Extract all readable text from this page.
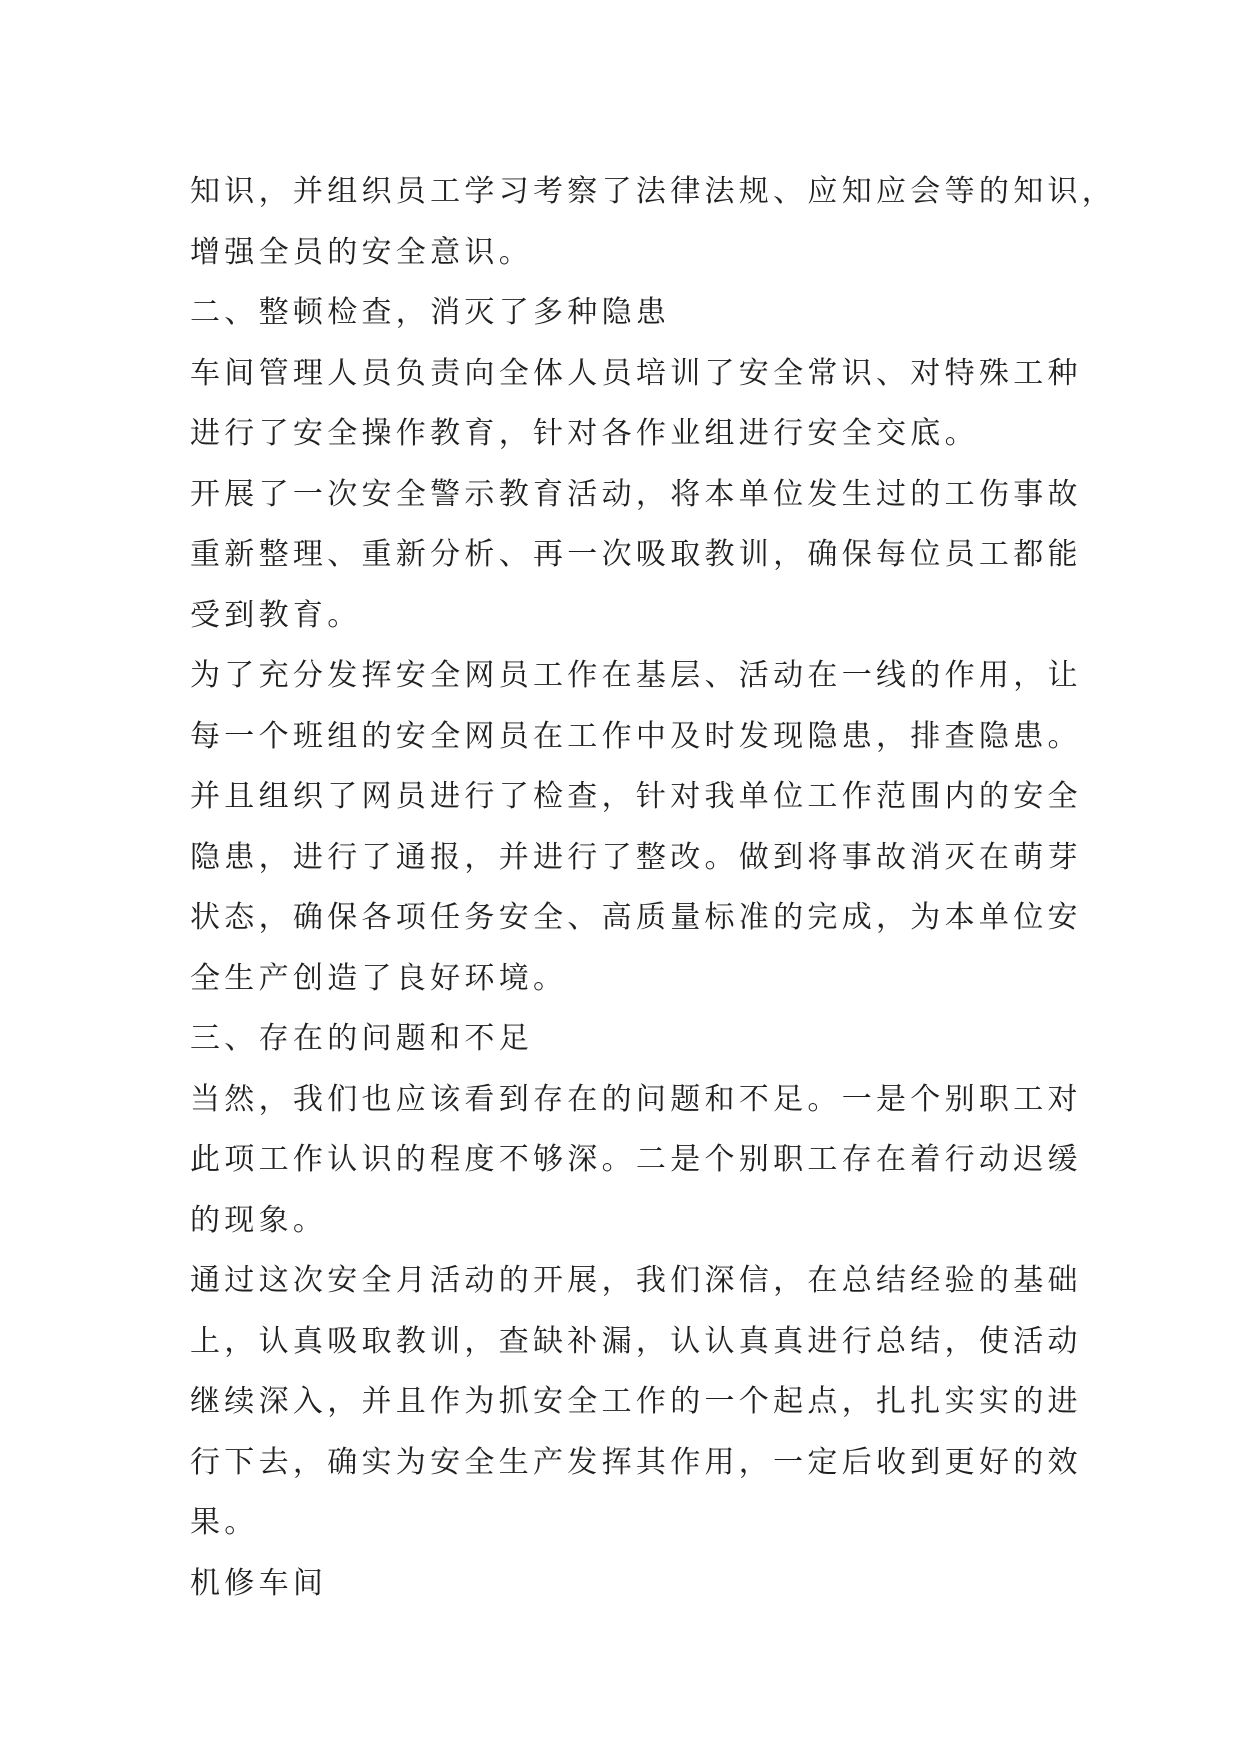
知识，并组织员工学习考察了法律法规、应知应会等的知识，
增强全员的安全意识。
二、整顿检查，消灭了多种隐患
车间管理人员负责向全体人员培训了安全常识、对特殊工种
进行了安全操作教育，针对各作业组进行安全交底。
开展了一次安全警示教育活动，将本单位发生过的工伤事故
重新整理、重新分析、再一次吸取教训，确保每位员工都能
受到教育。
为了充分发挥安全网员工作在基层、活动在一线的作用，让
每一个班组的安全网员在工作中及时发现隐患，排查隐患。
并且组织了网员进行了检查，针对我单位工作范围内的安全
隐患，进行了通报，并进行了整改。做到将事故消灭在萌芽
状态，确保各项任务安全、高质量标准的完成，为本单位安
全生产创造了良好环境。
三、存在的问题和不足
当然，我们也应该看到存在的问题和不足。一是个别职工对
此项工作认识的程度不够深。二是个别职工存在着行动迟缓
的现象。
通过这次安全月活动的开展，我们深信，在总结经验的基础
上，认真吸取教训，查缺补漏，认认真真进行总结，使活动
继续深入，并且作为抓安全工作的一个起点，扎扎实实的进
行下去，确实为安全生产发挥其作用，一定后收到更好的效
果。
机修车间
